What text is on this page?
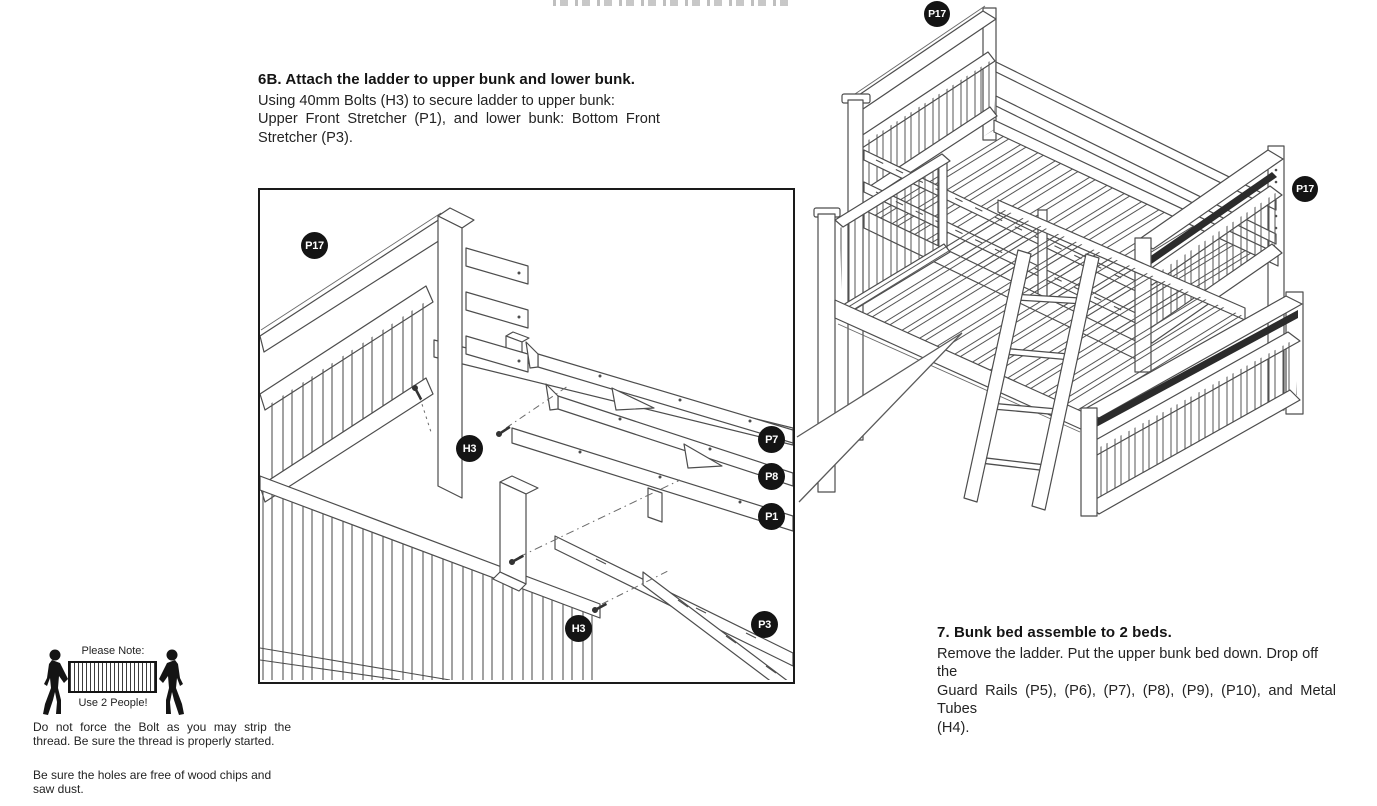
6B. Attach the ladder to upper bunk and lower bunk.
Using 40mm Bolts (H3) to secure ladder to upper bunk:
Upper Front Stretcher (P1), and lower bunk: Bottom Front
Stretcher (P3).
P17
H3
H3
P7
P8
P1
P3
P17
P17
7. Bunk bed assemble to 2 beds.
Remove the ladder. Put the upper bunk bed down. Drop off the
Guard Rails (P5), (P6), (P7), (P8), (P9), (P10), and Metal Tubes
(H4).
Please Note:
Use 2 People!
Do not force the Bolt as you may strip the
thread. Be sure the thread is properly started.
Be sure the holes are free of wood chips and
saw dust.
